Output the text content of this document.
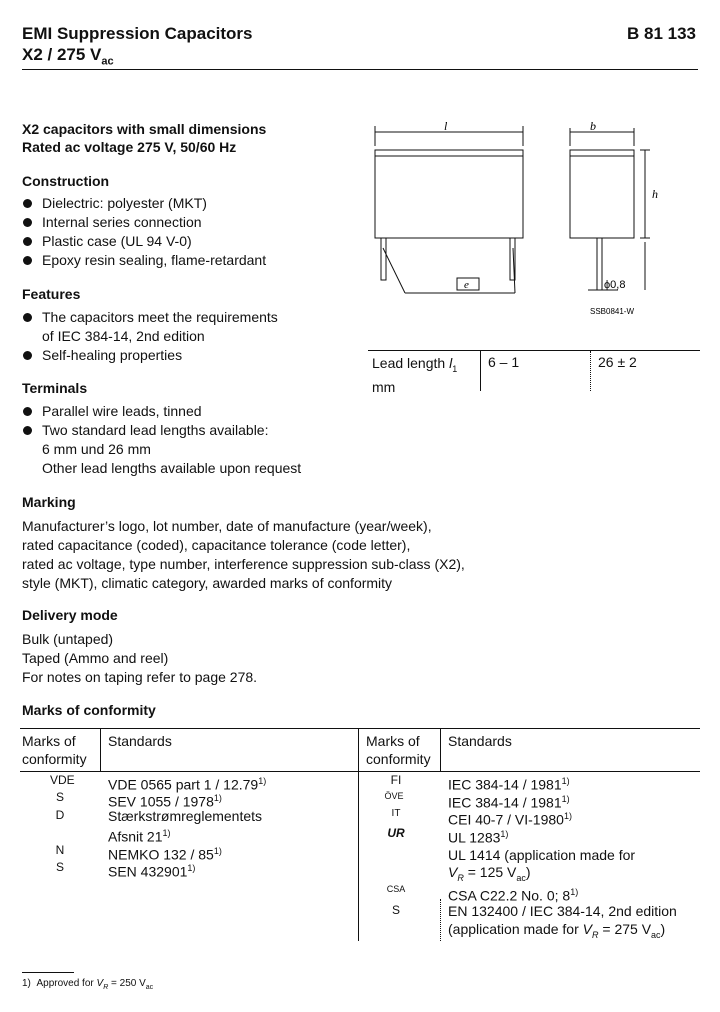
EMI Suppression Capacitors
X2 / 275 $V_{ac}$
B 81 133
X2 capacitors with small dimensions
Rated ac voltage 275 V, 50/60 Hz
Construction
Dielectric: polyester (MKT)
Internal series connection
Plastic case (UL 94 V-0)
Epoxy resin sealing, flame-retardant
Features
The capacitors meet the requirements
of IEC 384-14, 2nd edition
Self-healing properties
Terminals
Parallel wire leads, tinned
Two standard lead lengths available:
6 mm und 26 mm
Other lead lengths available upon request
Marking
Manufacturer’s logo, lot number, date of manufacture (year/week),
rated capacitance (coded), capacitance tolerance (code letter),
rated ac voltage, type number, interference suppression sub-class (X2),
style (MKT), climatic category, awarded marks of conformity
Delivery mode
Bulk (untaped)
Taped (Ammo and reel)
For notes on taping refer to page 278.
l	b
h
e	ϕ0,8
SSB0841-W
Lead length $l_1$
mm
6 – 1	26 ± 2
Marks of conformity
Marks of
conformity
Standards	Marks of
conformity
Standards
VDE VDE 0565 part 1 / 12.79$^{1)}$
S	SEV 1055 / 1978$^{1)}$
D	Stærkstrømreglementets
Afsnit 21$^{1)}$
N	NEMKO 132 / 85$^{1)}$
S	SEN 432901$^{1)}$
FI	IEC 384-14 / 1981$^{1)}$
ÖVE	IEC 384-14 / 1981$^{1)}$
IT	CEI 40-7 / VI-1980$^{1)}$
UR	UL 1283$^{1)}$
UL 1414 (application made for
$V_R = 125$ $V_{ac}$)
CSA	CSA C22.2 No. 0; 8$^{1)}$
S	EN 132400 / IEC 384-14, 2nd edition
(application made for $V_R = 275$ $V_{ac}$)
1) Approved for $V_R = 250$ $V_{ac}$
